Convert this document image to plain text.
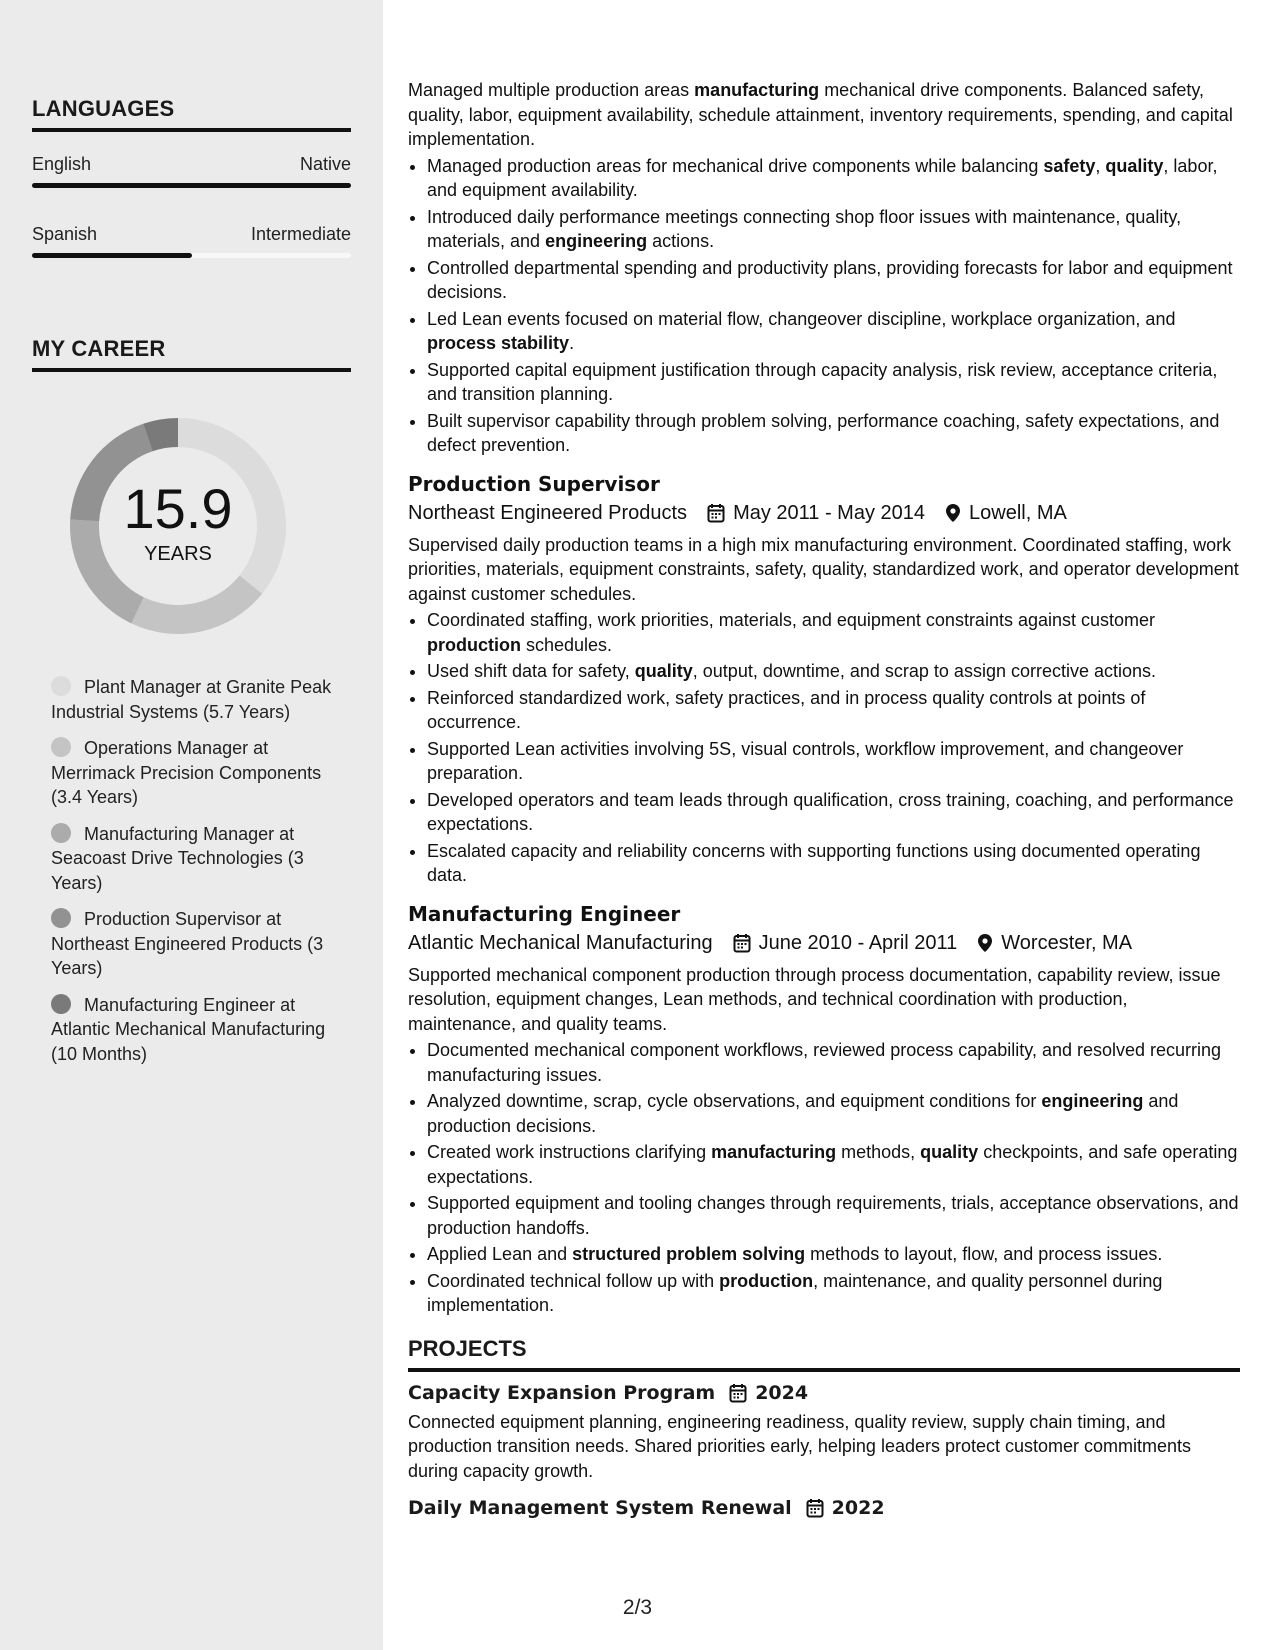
LANGUAGES
English	Native
Spanish	Intermediate
MY CAREER
15.9
YEARS
Plant Manager at Granite Peak Industrial Systems (5.7 Years)
Operations Manager at Merrimack Precision Components (3.4 Years)
Manufacturing Manager at Seacoast Drive Technologies (3 Years)
Production Supervisor at Northeast Engineered Products (3 Years)
Manufacturing Engineer at Atlantic Mechanical Manufacturing (10 Months)

Managed multiple production areas manufacturing mechanical drive components. Balanced safety, quality, labor, equipment availability, schedule attainment, inventory requirements, spending, and capital implementation.

• Managed production areas for mechanical drive components while balancing safety, quality, labor, and equipment availability.
• Introduced daily performance meetings connecting shop floor issues with maintenance, quality, materials, and engineering actions.
• Controlled departmental spending and productivity plans, providing forecasts for labor and equipment decisions.
• Led Lean events focused on material flow, changeover discipline, workplace organization, and process stability.
• Supported capital equipment justification through capacity analysis, risk review, acceptance criteria, and transition planning.
• Built supervisor capability through problem solving, performance coaching, safety expectations, and defect prevention.
Production Supervisor
Northeast Engineered Products May 2011 - May 2014 Lowell, MA

Supervised daily production teams in a high mix manufacturing environment. Coordinated staffing, work priorities, materials, equipment constraints, safety, quality, standardized work, and operator development against customer schedules.

• Coordinated staffing, work priorities, materials, and equipment constraints against customer production schedules.
• Used shift data for safety, quality, output, downtime, and scrap to assign corrective actions.
• Reinforced standardized work, safety practices, and in process quality controls at points of occurrence.
• Supported Lean activities involving 5S, visual controls, workflow improvement, and changeover preparation.
• Developed operators and team leads through qualification, cross training, coaching, and performance expectations.
• Escalated capacity and reliability concerns with supporting functions using documented operating data.
Manufacturing Engineer
Atlantic Mechanical Manufacturing June 2010 - April 2011 Worcester, MA

Supported mechanical component production through process documentation, capability review, issue resolution, equipment changes, Lean methods, and technical coordination with production, maintenance, and quality teams.

• Documented mechanical component workflows, reviewed process capability, and resolved recurring manufacturing issues.
• Analyzed downtime, scrap, cycle observations, and equipment conditions for engineering and production decisions.
• Created work instructions clarifying manufacturing methods, quality checkpoints, and safe operating expectations.
• Supported equipment and tooling changes through requirements, trials, acceptance observations, and production handoffs.
• Applied Lean and structured problem solving methods to layout, flow, and process issues.
• Coordinated technical follow up with production, maintenance, and quality personnel during implementation.
PROJECTS
Capacity Expansion Program 2024

Connected equipment planning, engineering readiness, quality review, supply chain timing, and production transition needs. Shared priorities early, helping leaders protect customer commitments during capacity growth.

Daily Management System Renewal 2022
2/3
